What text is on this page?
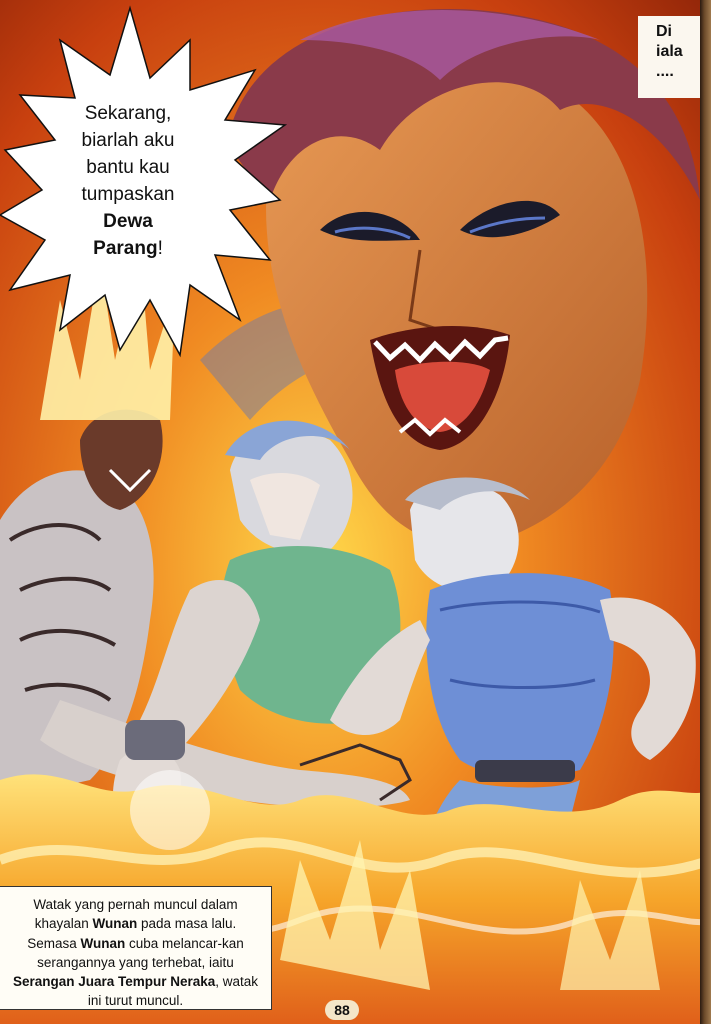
Sekarang,
biarlah aku
bantu kau
tumpaskan
Dewa
Parang!
Di
iala
....
Watak yang pernah muncul dalam khayalan Wunan pada masa lalu. Semasa Wunan cuba melancar-kan serangannya yang terhebat, iaitu Serangan Juara Tempur Neraka, watak ini turut muncul.
88
